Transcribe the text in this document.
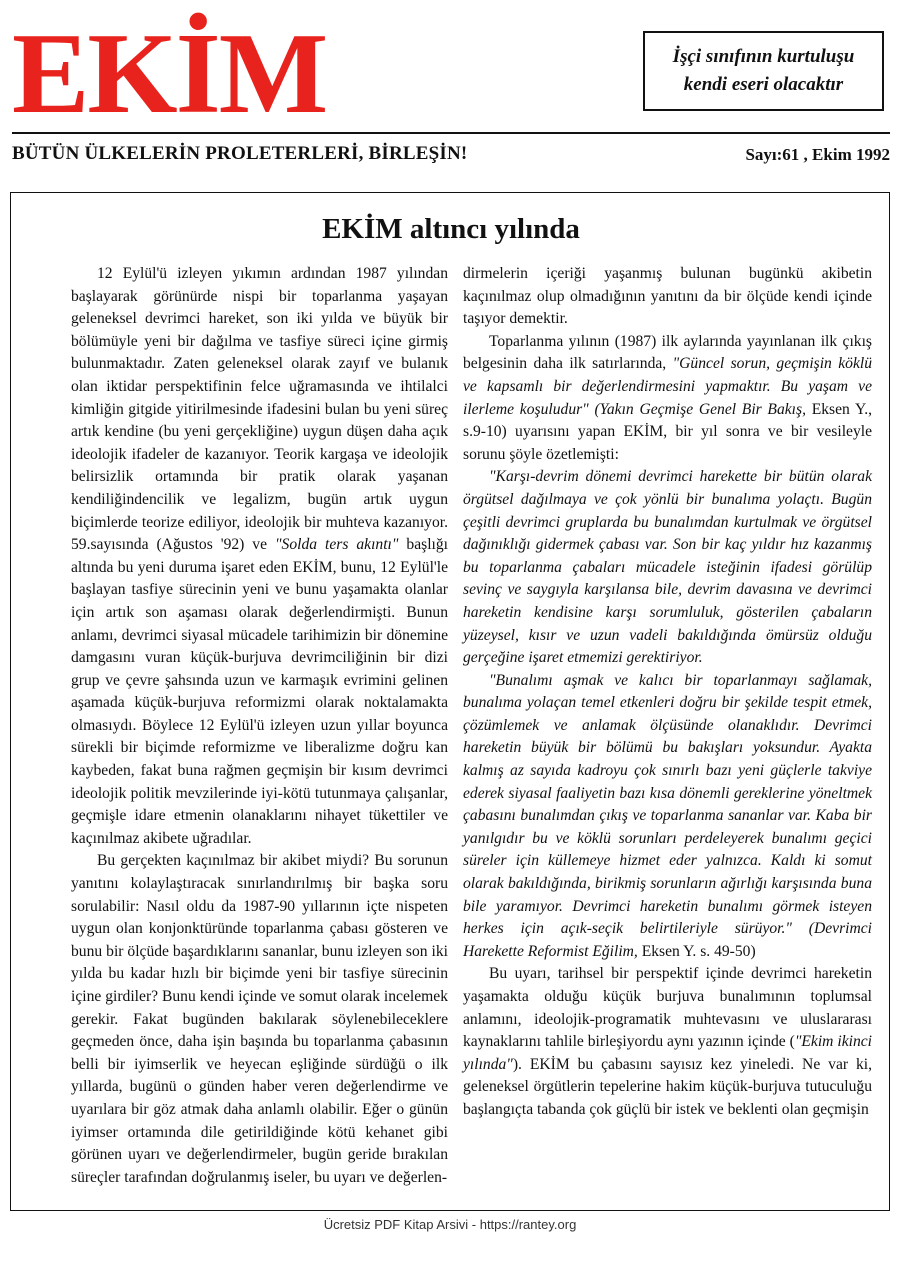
EKİM	İşçi sınıfının kurtuluşu
kendi eseri olacaktır
BÜTÜN ÜLKELERİN PROLETERLERİ, BİRLEŞİN!	Sayı:61 , Ekim 1992
EKİM altıncı yılında

12 Eylül'ü izleyen yıkımın ardından 1987 yılından başlayarak görünürde nispi bir toparlanma yaşayan geleneksel devrimci hareket, son iki yılda ve büyük bir bölümüyle yeni bir dağılma ve tasfiye süreci içine girmiş bulunmaktadır. Zaten geleneksel olarak zayıf ve bulanık olan iktidar perspektifinin felce uğramasında ve ihtilalci kimliğin gitgide yitirilmesinde ifadesini bulan bu yeni süreç artık kendine (bu yeni gerçekliğine) uygun düşen daha açık ideolojik ifadeler de kazanıyor. Teorik kargaşa ve ideolojik belirsizlik ortamında bir pratik olarak yaşanan kendiliğindencilik ve legalizm, bugün artık uygun biçimlerde teorize ediliyor, ideolojik bir muhteva kazanıyor. 59.sayısında (Ağustos '92) ve "Solda ters akıntı" başlığı altında bu yeni duruma işaret eden EKİM, bunu, 12 Eylül'le başlayan tasfiye sürecinin yeni ve bunu yaşamakta olanlar için artık son aşaması olarak değerlendirmişti. Bunun anlamı, devrimci siyasal mücadele tarihimizin bir dönemine damgasını vuran küçük-burjuva devrimciliğinin bir dizi grup ve çevre şahsında uzun ve karmaşık evrimini gelinen aşamada küçük-burjuva reformizmi olarak noktalamakta olmasıydı. Böylece 12 Eylül'ü izleyen uzun yıllar boyunca sürekli bir biçimde reformizme ve liberalizme doğru kan kaybeden, fakat buna rağmen geçmişin bir kısım devrimci ideolojik politik mevzilerinde iyi-kötü tutunmaya çalışanlar, geçmişle idare etmenin olanaklarını nihayet tükettiler ve kaçınılmaz akibete uğradılar.

Bu gerçekten kaçınılmaz bir akibet miydi? Bu sorunun yanıtını kolaylaştıracak sınırlandırılmış bir başka soru sorulabilir: Nasıl oldu da 1987-90 yıllarının içte nispeten uygun olan konjonktüründe toparlanma çabası gösteren ve bunu bir ölçüde başardıklarını sananlar, bunu izleyen son iki yılda bu kadar hızlı bir biçimde yeni bir tasfiye sürecinin içine girdiler? Bunu kendi içinde ve somut olarak incelemek gerekir. Fakat bugünden bakılarak söylenebileceklere geçmeden önce, daha işin başında bu toparlanma çabasının belli bir iyimserlik ve heyecan eşliğinde sürdüğü o ilk yıllarda, bugünü o günden haber veren değerlendirme ve uyarılara bir göz atmak daha anlamlı olabilir. Eğer o günün iyimser ortamında dile getirildiğinde kötü kehanet gibi görünen uyarı ve değerlendirmeler, bugün geride bırakılan süreçler tarafından doğrulanmış iseler, bu uyarı ve değerlen-

dirmelerin içeriği yaşanmış bulunan bugünkü akibetin kaçınılmaz olup olmadığının yanıtını da bir ölçüde kendi içinde taşıyor demektir.

Toparlanma yılının (1987) ilk aylarında yayınlanan ilk çıkış belgesinin daha ilk satırlarında, "Güncel sorun, geçmişin köklü ve kapsamlı bir değerlendirmesini yapmaktır. Bu yaşam ve ilerleme koşuludur" (Yakın Geçmişe Genel Bir Bakış, Eksen Y., s.9-10) uyarısını yapan EKİM, bir yıl sonra ve bir vesileyle sorunu şöyle özetlemişti:

"Karşı-devrim dönemi devrimci harekette bir bütün olarak örgütsel dağılmaya ve çok yönlü bir bunalıma yolaçtı. Bugün çeşitli devrimci gruplarda bu bunalımdan kurtulmak ve örgütsel dağınıklığı gidermek çabası var. Son bir kaç yıldır hız kazanmış bu toparlanma çabaları mücadele isteğinin ifadesi görülüp sevinç ve saygıyla karşılansa bile, devrim davasına ve devrimci hareketin kendisine karşı sorumluluk, gösterilen çabaların yüzeysel, kısır ve uzun vadeli bakıldığında ömürsüz olduğu gerçeğine işaret etmemizi gerektiriyor.

"Bunalımı aşmak ve kalıcı bir toparlanmayı sağlamak, bunalıma yolaçan temel etkenleri doğru bir şekilde tespit etmek, çözümlemek ve anlamak ölçüsünde olanaklıdır. Devrimci hareketin büyük bir bölümü bu bakışları yoksundur. Ayakta kalmış az sayıda kadroyu çok sınırlı bazı yeni güçlerle takviye ederek siyasal faaliyetin bazı kısa dönemli gereklerine yöneltmek çabasını bunalımdan çıkış ve toparlanma sananlar var. Kaba bir yanılgıdır bu ve köklü sorunları perdeleyerek bunalımı geçici süreler için küllemeye hizmet eder yalnızca. Kaldı ki somut olarak bakıldığında, birikmiş sorunların ağırlığı karşısında buna bile yaramıyor. Devrimci hareketin bunalımı görmek isteyen herkes için açık-seçik belirtileriyle sürüyor." (Devrimci Harekette Reformist Eğilim, Eksen Y. s. 49-50)

Bu uyarı, tarihsel bir perspektif içinde devrimci hareketin yaşamakta olduğu küçük burjuva bunalımının toplumsal anlamını, ideolojik-programatik muhtevasını ve uluslararası kaynaklarını tahlile birleşiyordu aynı yazının içinde ("Ekim ikinci yılında"). EKİM bu çabasını sayısız kez yineledi. Ne var ki, geleneksel örgütlerin tepelerine hakim küçük-burjuva tutuculuğu başlangıçta tabanda çok güçlü bir istek ve beklenti olan geçmişin

Ücretsiz PDF Kitap Arsivi - https://rantey.org
